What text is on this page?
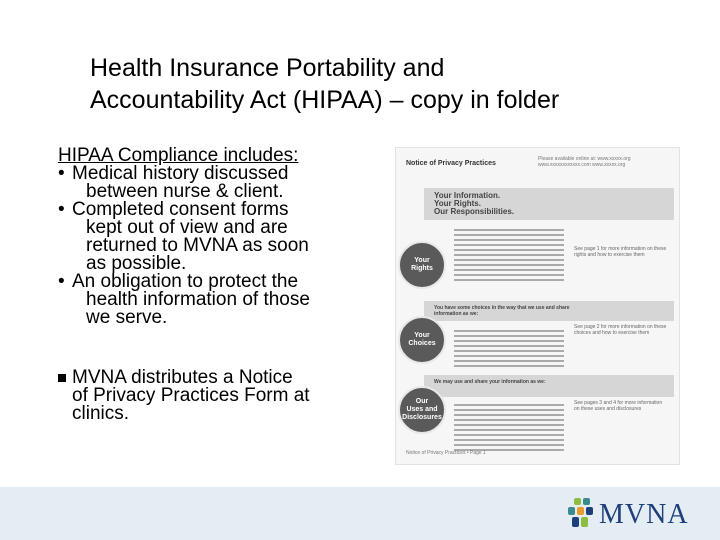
Health Insurance Portability and
Accountability Act (HIPAA) – copy in folder
HIPAA Compliance includes:
• Medical history discussed
between nurse & client.
• Completed consent forms
kept out of view and are
returned to MVNA as soon
as possible.
• An obligation to protect the
health information of those
we serve.
MVNA distributes a Notice
of Privacy Practices Form at
clinics.
Notice of Privacy Practices
Please available online at: www.xxxxx.org www.xxxxxxxxxxxx.com www.xxxxx.org
Your Information.
Your Rights.
Our Responsibilities.
Your
Rights
See page 1 for more information on these rights and how to exercise them
You have some choices in the way that we use and share information as we:
Your
Choices
See page 2 for more information on these choices and how to exercise them
We may use and share your information as we:
Our
Uses and
Disclosures
See pages 3 and 4 for more information on these uses and disclosures
Notice of Privacy Practices • Page 1
MVNA
